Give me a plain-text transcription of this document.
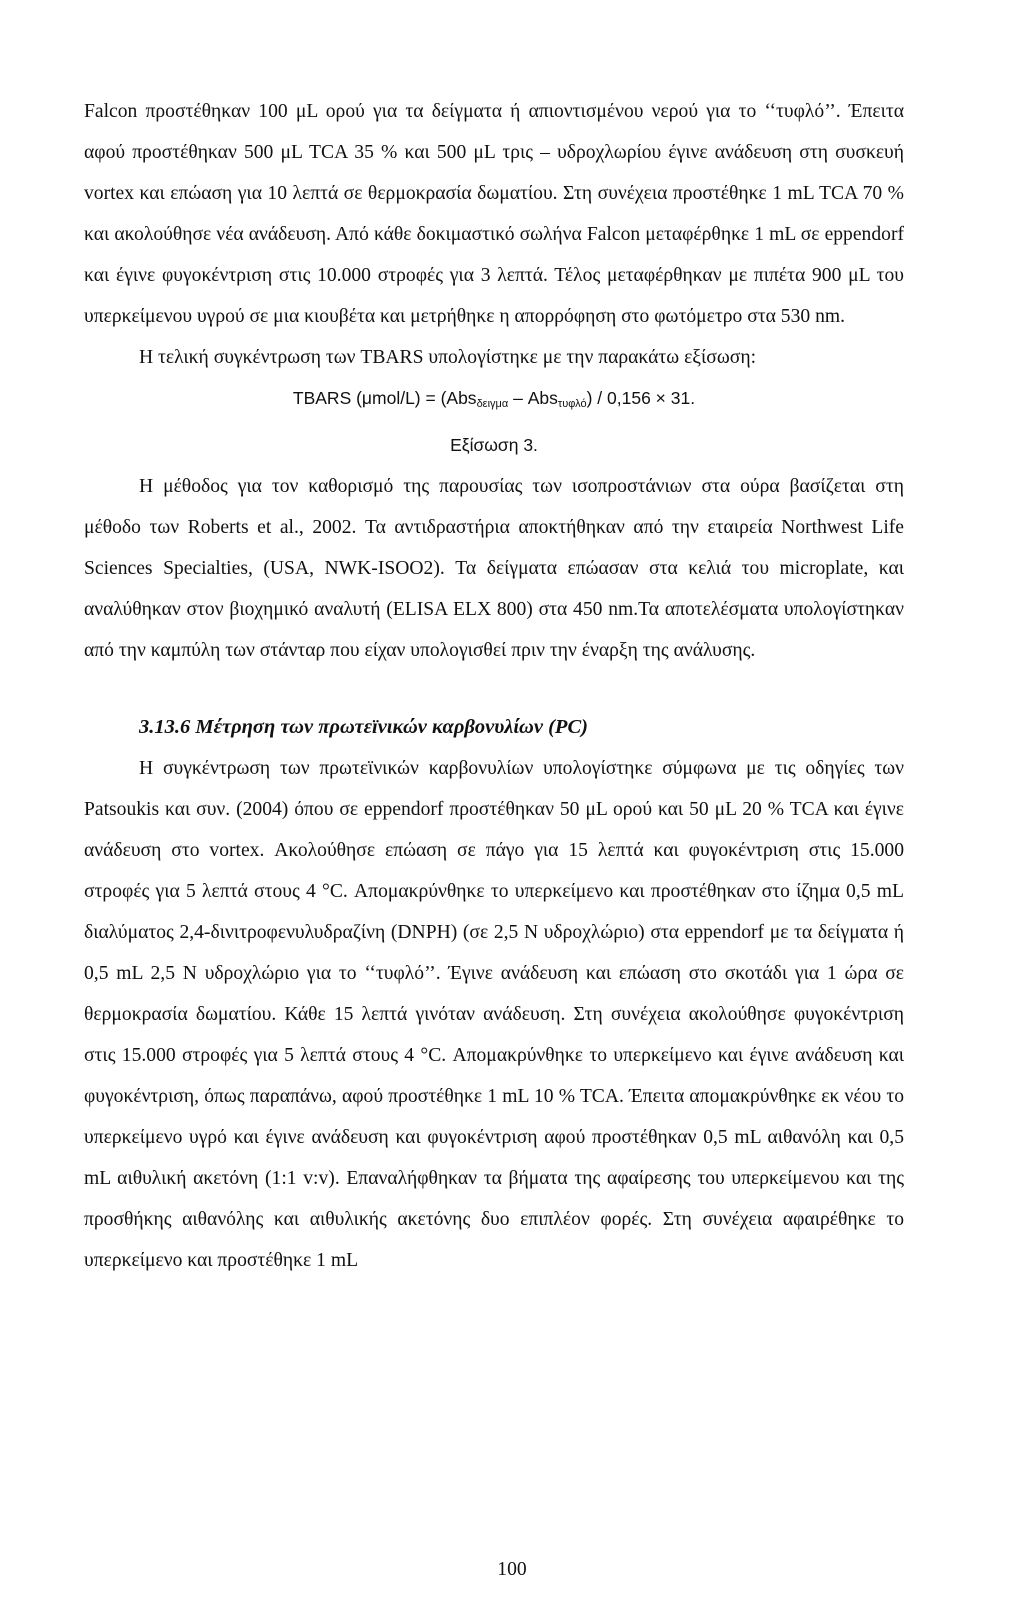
Falcon προστέθηκαν 100 μL ορού για τα δείγματα ή απιοντισμένου νερού για το ‘‘τυφλό’’. Έπειτα αφού προστέθηκαν 500 μL TCA 35 % και 500 μL τρις – υδροχλωρίου έγινε ανάδευση στη συσκευή vortex και επώαση για 10 λεπτά σε θερμοκρασία δωματίου. Στη συνέχεια προστέθηκε 1 mL TCA 70 % και ακολούθησε νέα ανάδευση. Από κάθε δοκιμαστικό σωλήνα Falcon μεταφέρθηκε 1 mL σε eppendorf και έγινε φυγοκέντριση στις 10.000 στροφές για 3 λεπτά. Τέλος μεταφέρθηκαν με πιπέτα 900 μL του υπερκείμενου υγρού σε μια κιουβέτα και μετρήθηκε η απορρόφηση στο φωτόμετρο στα 530 nm.

Η τελική συγκέντρωση των TBARS υπολογίστηκε με την παρακάτω εξίσωση:

TBARS (μmol/L) = (Abs$_{\delta\varepsilon\iota\gamma\mu\alpha}$ – Abs$_{\tau\upsilon\varphi\lambda ό}$) / 0,156 × 31.

Εξίσωση 3.

Η μέθοδος για τον καθορισμό της παρουσίας των ισοπροστάνιων στα ούρα βασίζεται στη μέθοδο των Roberts et al., 2002. Τα αντιδραστήρια αποκτήθηκαν από την εταιρεία Northwest Life Sciences Specialties, (USA, NWK-ISOO2). Τα δείγματα επώασαν στα κελιά του microplate, και αναλύθηκαν στον βιοχημικό αναλυτή (ELISA ELX 800) στα 450 nm.Τα αποτελέσματα υπολογίστηκαν από την καμπύλη των στάνταρ που είχαν υπολογισθεί πριν την έναρξη της ανάλυσης.

3.13.6 Μέτρηση των πρωτεϊνικών καρβονυλίων (PC)

Η συγκέντρωση των πρωτεϊνικών καρβονυλίων υπολογίστηκε σύμφωνα με τις οδηγίες των Patsoukis και συν. (2004) όπου σε eppendorf προστέθηκαν 50 μL ορού και 50 μL 20 % TCA και έγινε ανάδευση στο vortex. Ακολούθησε επώαση σε πάγο για 15 λεπτά και φυγοκέντριση στις 15.000 στροφές για 5 λεπτά στους 4 °C. Απομακρύνθηκε το υπερκείμενο και προστέθηκαν στο ίζημα 0,5 mL διαλύματος 2,4-δινιτροφενυλυδραζίνη (DNPH) (σε 2,5 N υδροχλώριο) στα eppendorf με τα δείγματα ή 0,5 mL 2,5 N υδροχλώριο για το ‘‘τυφλό’’. Έγινε ανάδευση και επώαση στο σκοτάδι για 1 ώρα σε θερμοκρασία δωματίου. Κάθε 15 λεπτά γινόταν ανάδευση. Στη συνέχεια ακολούθησε φυγοκέντριση στις 15.000 στροφές για 5 λεπτά στους 4 °C. Απομακρύνθηκε το υπερκείμενο και έγινε ανάδευση και φυγοκέντριση, όπως παραπάνω, αφού προστέθηκε 1 mL 10 % TCA. Έπειτα απομακρύνθηκε εκ νέου το υπερκείμενο υγρό και έγινε ανάδευση και φυγοκέντριση αφού προστέθηκαν 0,5 mL αιθανόλη και 0,5 mL αιθυλική ακετόνη (1:1 v:v). Επαναλήφθηκαν τα βήματα της αφαίρεσης του υπερκείμενου και της προσθήκης αιθανόλης και αιθυλικής ακετόνης δυο επιπλέον φορές. Στη συνέχεια αφαιρέθηκε το υπερκείμενο και προστέθηκε 1 mL

100
